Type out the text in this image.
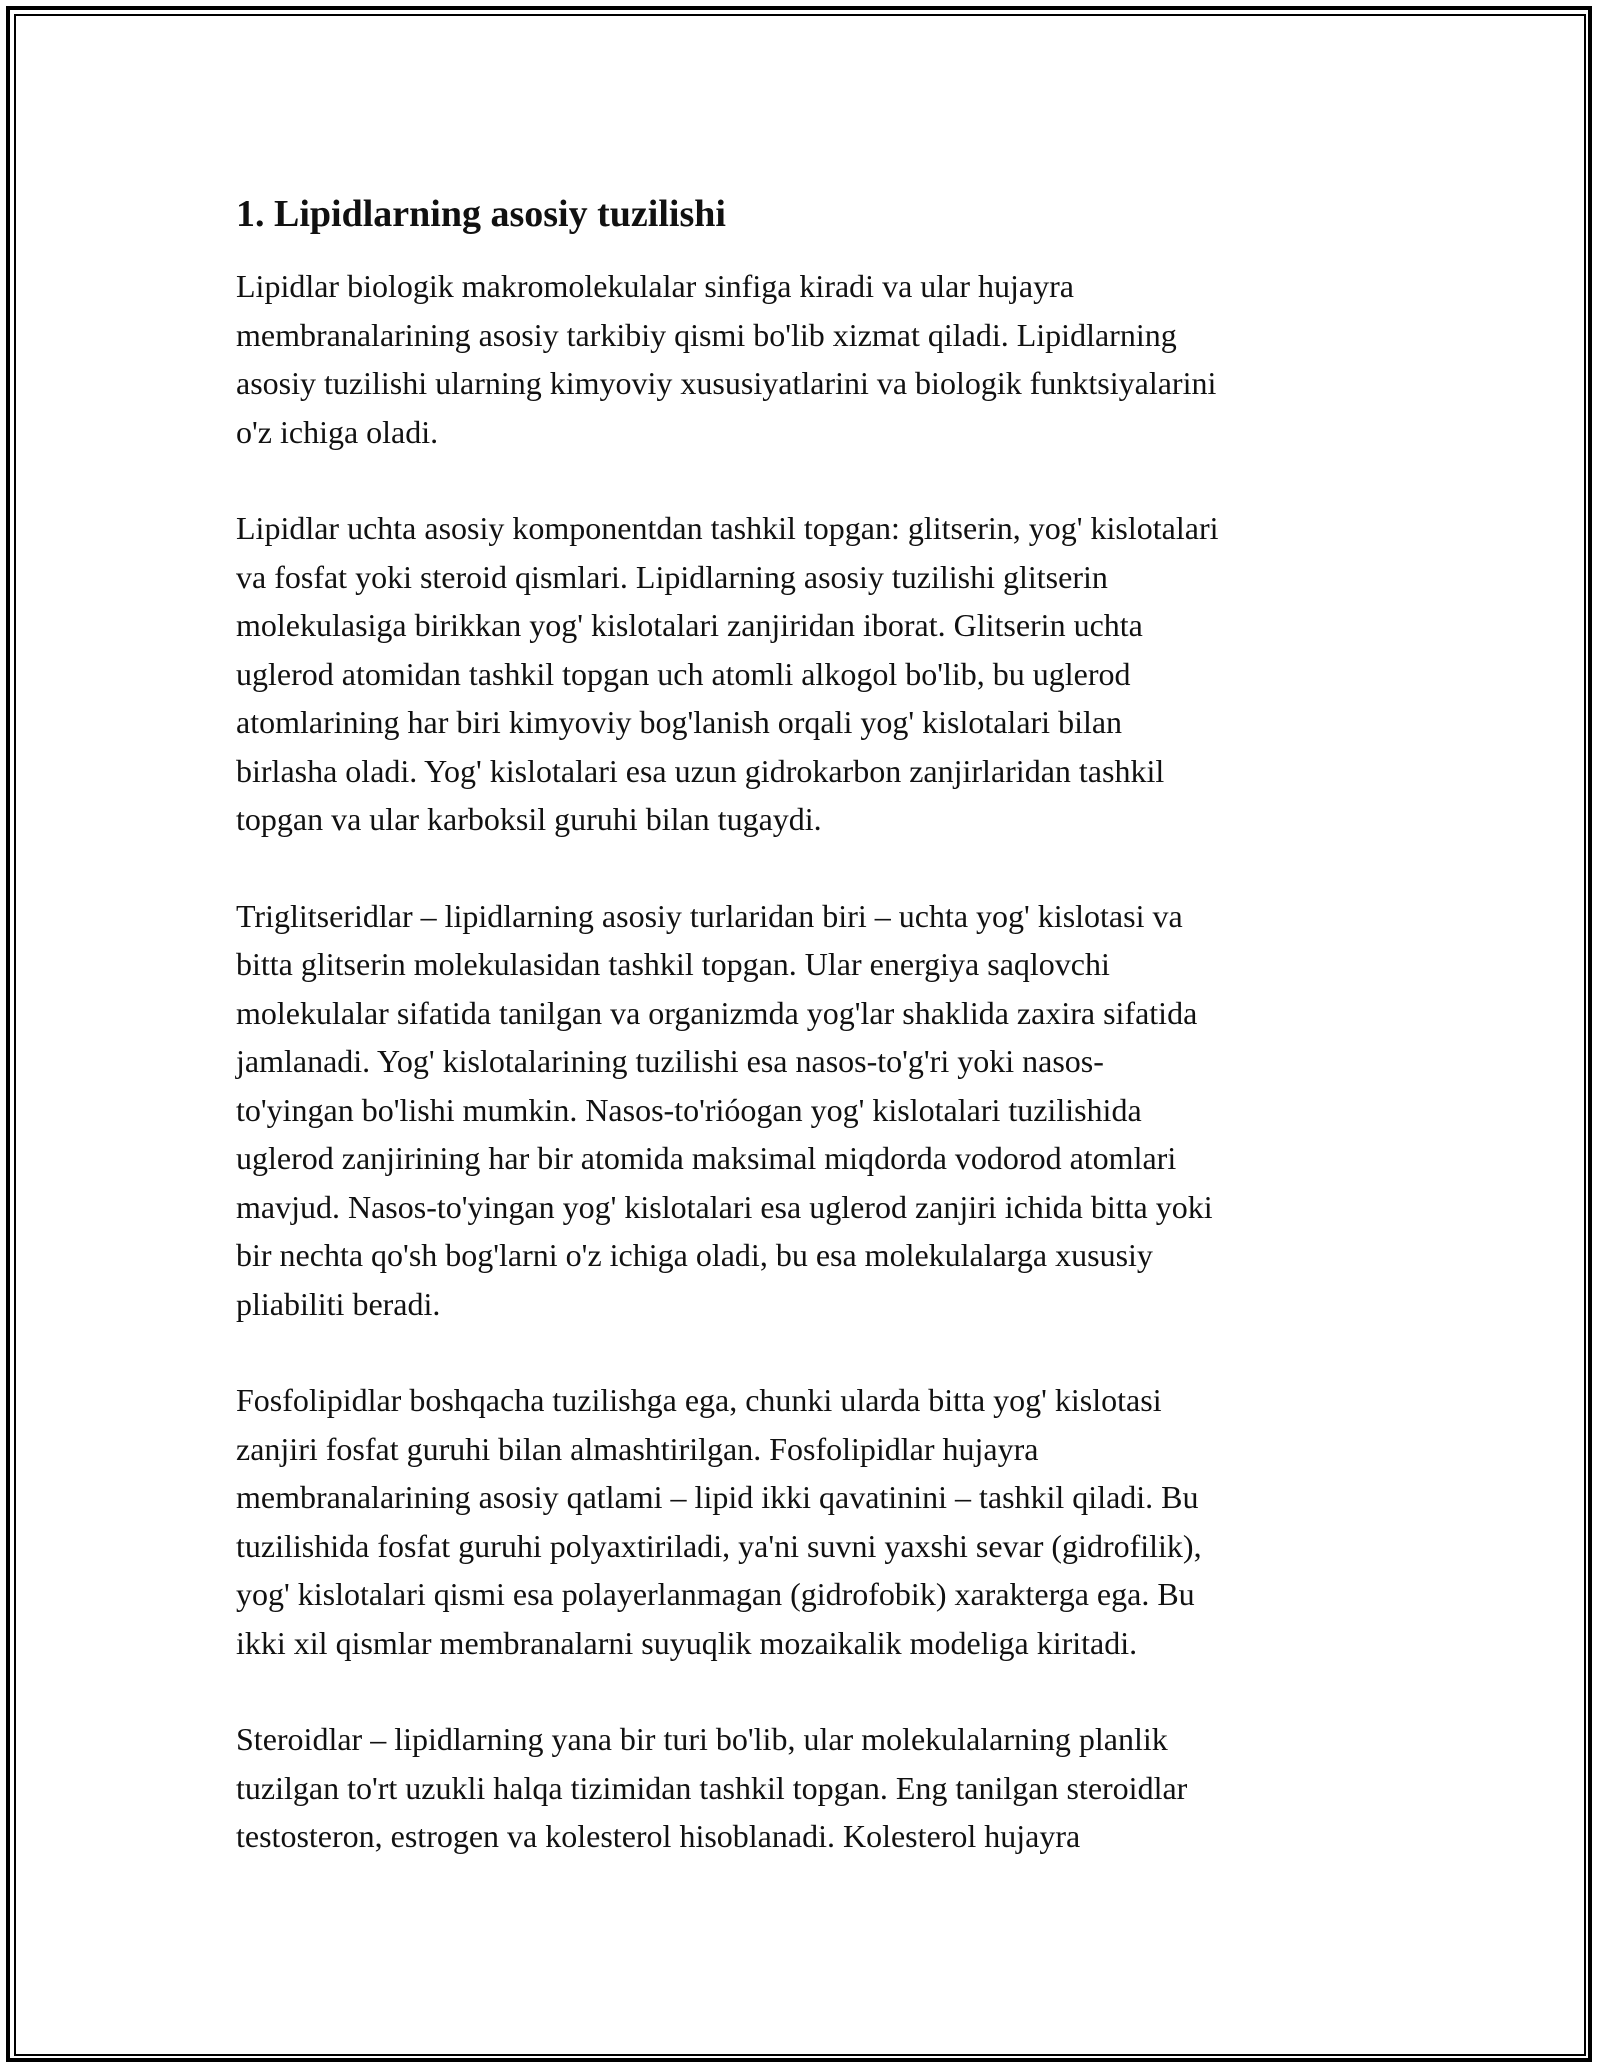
1. Lipidlarning asosiy tuzilishi

Lipidlar biologik makromolekulalar sinfiga kiradi va ular hujayra
membranalarining asosiy tarkibiy qismi bo'lib xizmat qiladi. Lipidlarning
asosiy tuzilishi ularning kimyoviy xususiyatlarini va biologik funktsiyalarini
o'z ichiga oladi.

Lipidlar uchta asosiy komponentdan tashkil topgan: glitserin, yog' kislotalari
va fosfat yoki steroid qismlari. Lipidlarning asosiy tuzilishi glitserin
molekulasiga birikkan yog' kislotalari zanjiridan iborat. Glitserin uchta
uglerod atomidan tashkil topgan uch atomli alkogol bo'lib, bu uglerod
atomlarining har biri kimyoviy bog'lanish orqali yog' kislotalari bilan
birlasha oladi. Yog' kislotalari esa uzun gidrokarbon zanjirlaridan tashkil
topgan va ular karboksil guruhi bilan tugaydi.

Triglitseridlar – lipidlarning asosiy turlaridan biri – uchta yog' kislotasi va
bitta glitserin molekulasidan tashkil topgan. Ular energiya saqlovchi
molekulalar sifatida tanilgan va organizmda yog'lar shaklida zaxira sifatida
jamlanadi. Yog' kislotalarining tuzilishi esa nasos-to'g'ri yoki nasos-
to'yingan bo'lishi mumkin. Nasos-to'rióogan yog' kislotalari tuzilishida
uglerod zanjirining har bir atomida maksimal miqdorda vodorod atomlari
mavjud. Nasos-to'yingan yog' kislotalari esa uglerod zanjiri ichida bitta yoki
bir nechta qo'sh bog'larni o'z ichiga oladi, bu esa molekulalarga xususiy
pliabiliti beradi.

Fosfolipidlar boshqacha tuzilishga ega, chunki ularda bitta yog' kislotasi
zanjiri fosfat guruhi bilan almashtirilgan. Fosfolipidlar hujayra
membranalarining asosiy qatlami – lipid ikki qavatinini – tashkil qiladi. Bu
tuzilishida fosfat guruhi polyaxtiriladi, ya'ni suvni yaxshi sevar (gidrofilik),
yog' kislotalari qismi esa polayerlanmagan (gidrofobik) xarakterga ega. Bu
ikki xil qismlar membranalarni suyuqlik mozaikalik modeliga kiritadi.

Steroidlar – lipidlarning yana bir turi bo'lib, ular molekulalarning planlik
tuzilgan to'rt uzukli halqa tizimidan tashkil topgan. Eng tanilgan steroidlar
testosteron, estrogen va kolesterol hisoblanadi. Kolesterol hujayra
